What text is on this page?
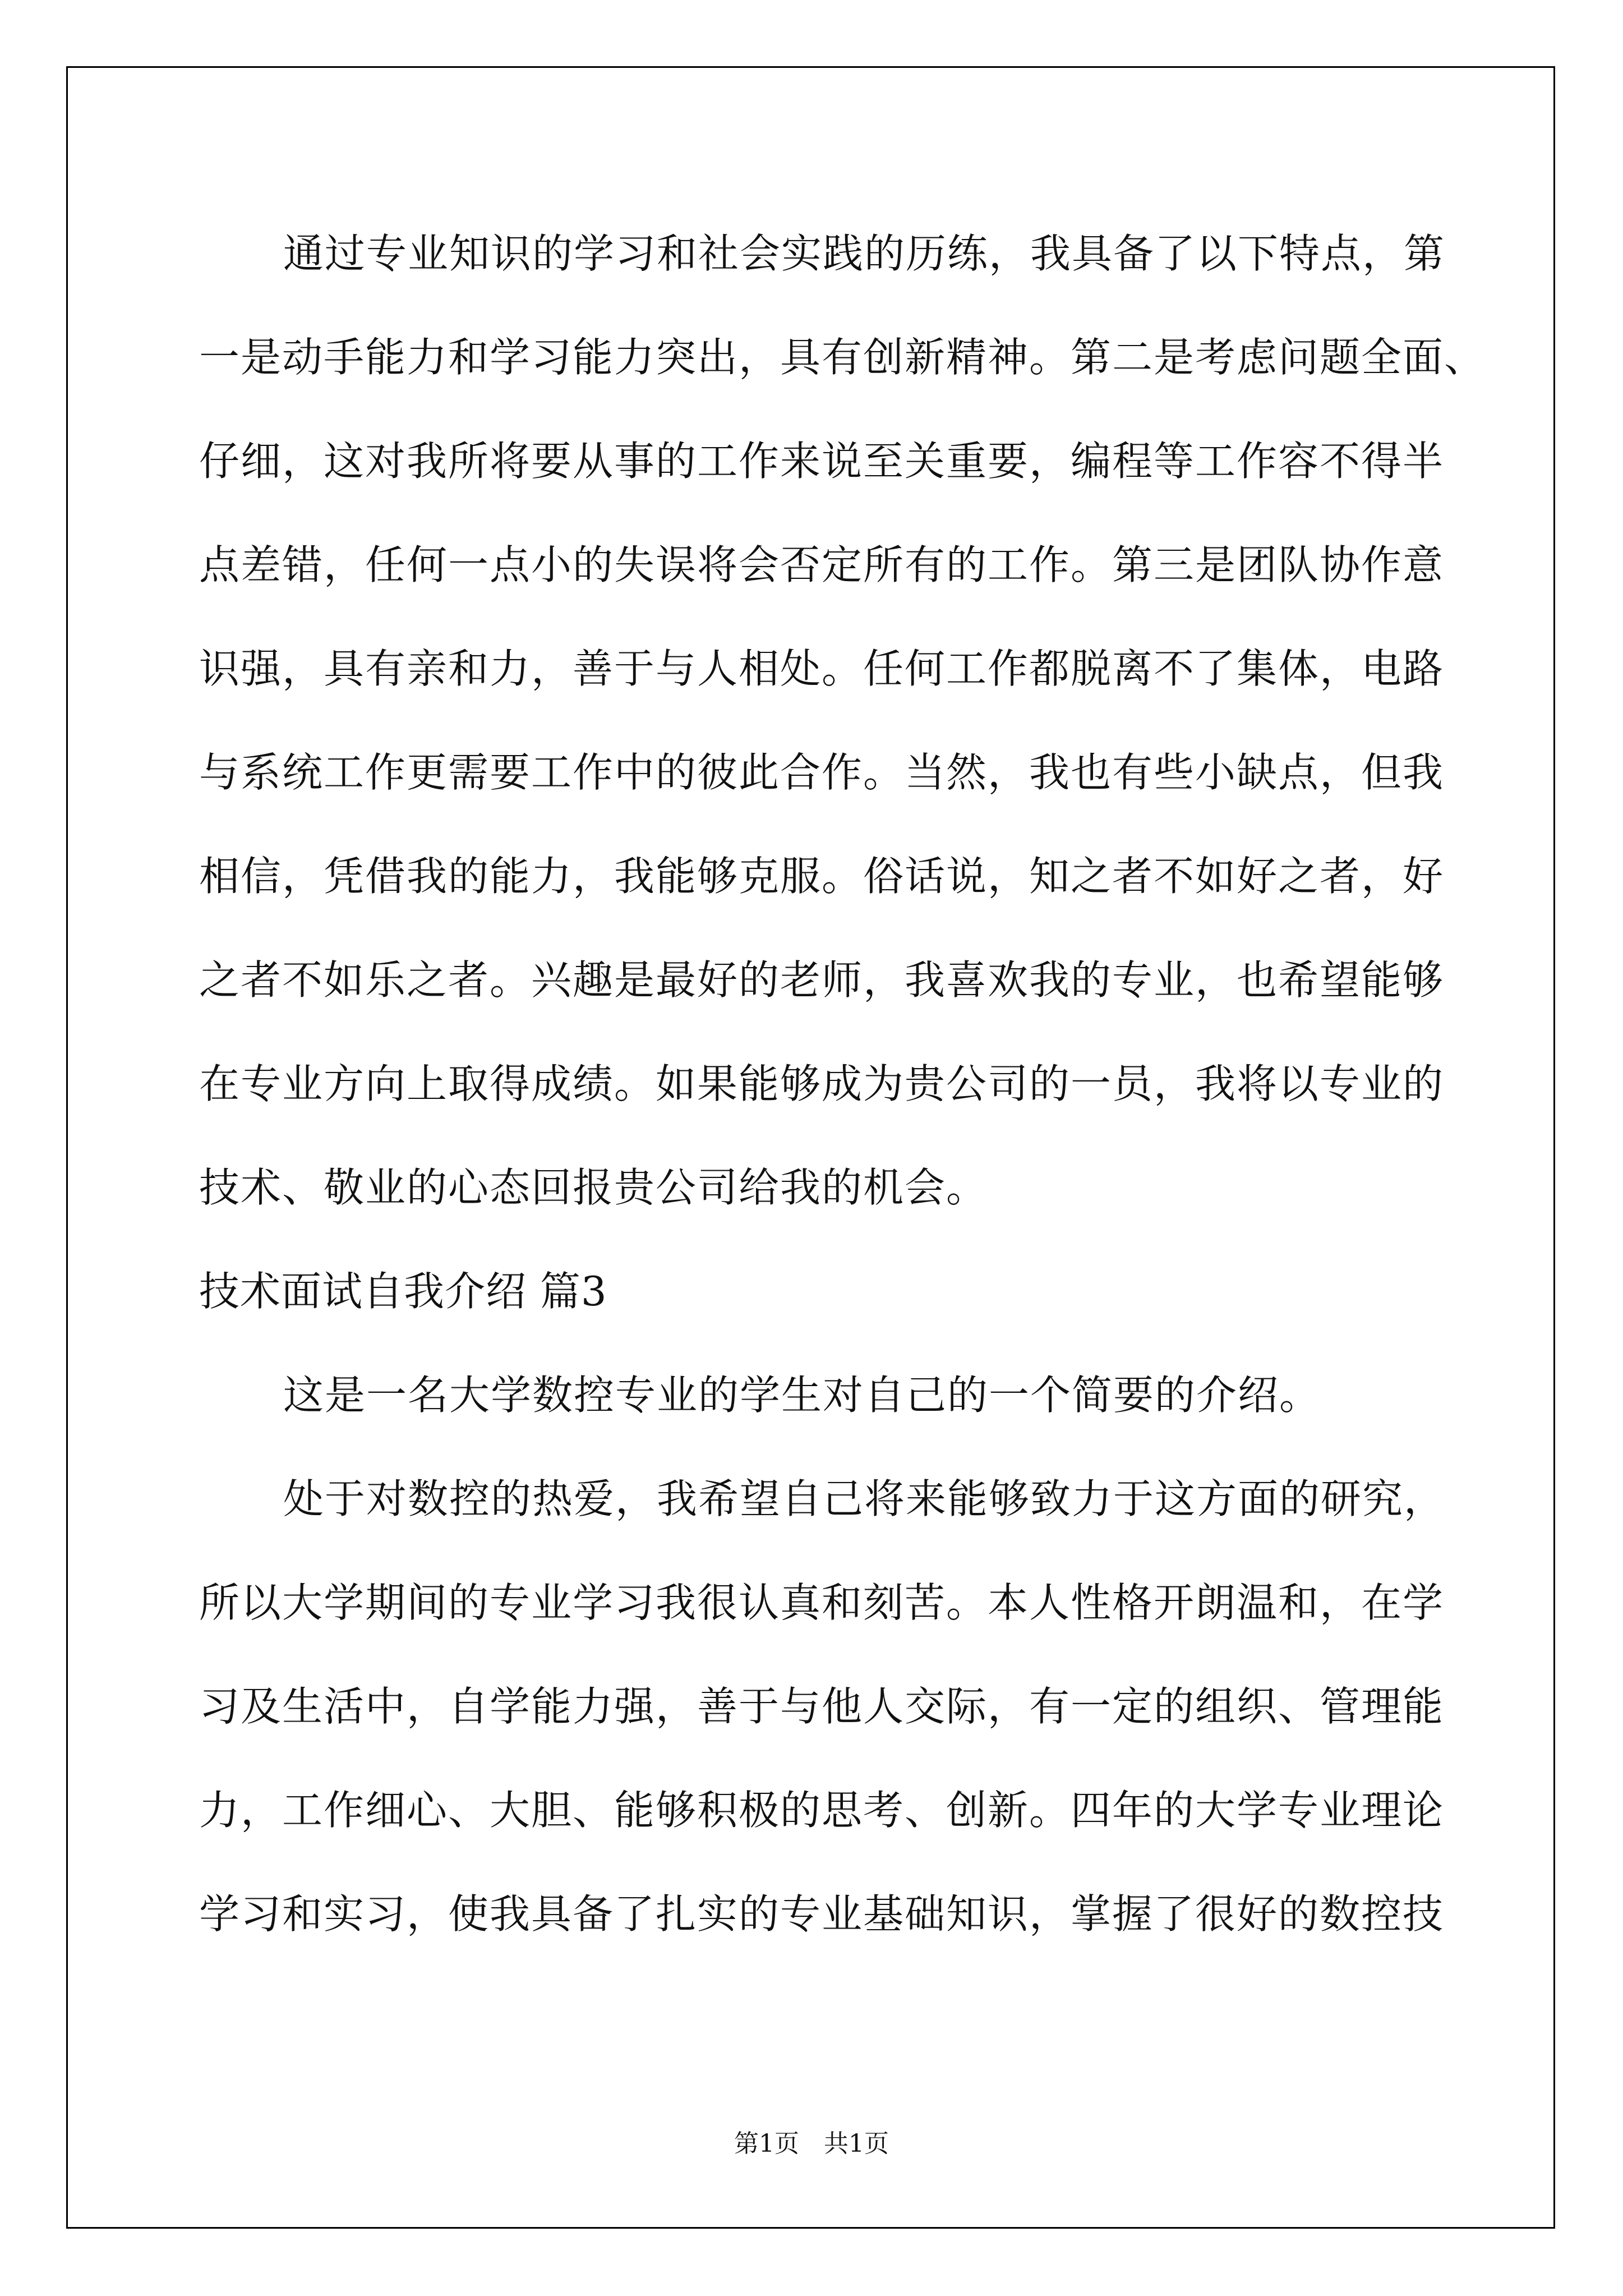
通过专业知识的学习和社会实践的历练，我具备了以下特点，第
一是动手能力和学习能力突出，具有创新精神。第二是考虑问题全面、
仔细，这对我所将要从事的工作来说至关重要，编程等工作容不得半
点差错，任何一点小的失误将会否定所有的工作。第三是团队协作意
识强，具有亲和力，善于与人相处。任何工作都脱离不了集体，电路
与系统工作更需要工作中的彼此合作。当然，我也有些小缺点，但我
相信，凭借我的能力，我能够克服。俗话说，知之者不如好之者，好
之者不如乐之者。兴趣是最好的老师，我喜欢我的专业，也希望能够
在专业方向上取得成绩。如果能够成为贵公司的一员，我将以专业的
技术、敬业的心态回报贵公司给我的机会。
技术面试自我介绍 篇3
这是一名大学数控专业的学生对自己的一个简要的介绍。
处于对数控的热爱，我希望自己将来能够致力于这方面的研究，
所以大学期间的专业学习我很认真和刻苦。本人性格开朗温和，在学
习及生活中，自学能力强，善于与他人交际，有一定的组织、管理能
力，工作细心、大胆、能够积极的思考、创新。四年的大学专业理论
学习和实习，使我具备了扎实的专业基础知识，掌握了很好的数控技
第1页　共1页
